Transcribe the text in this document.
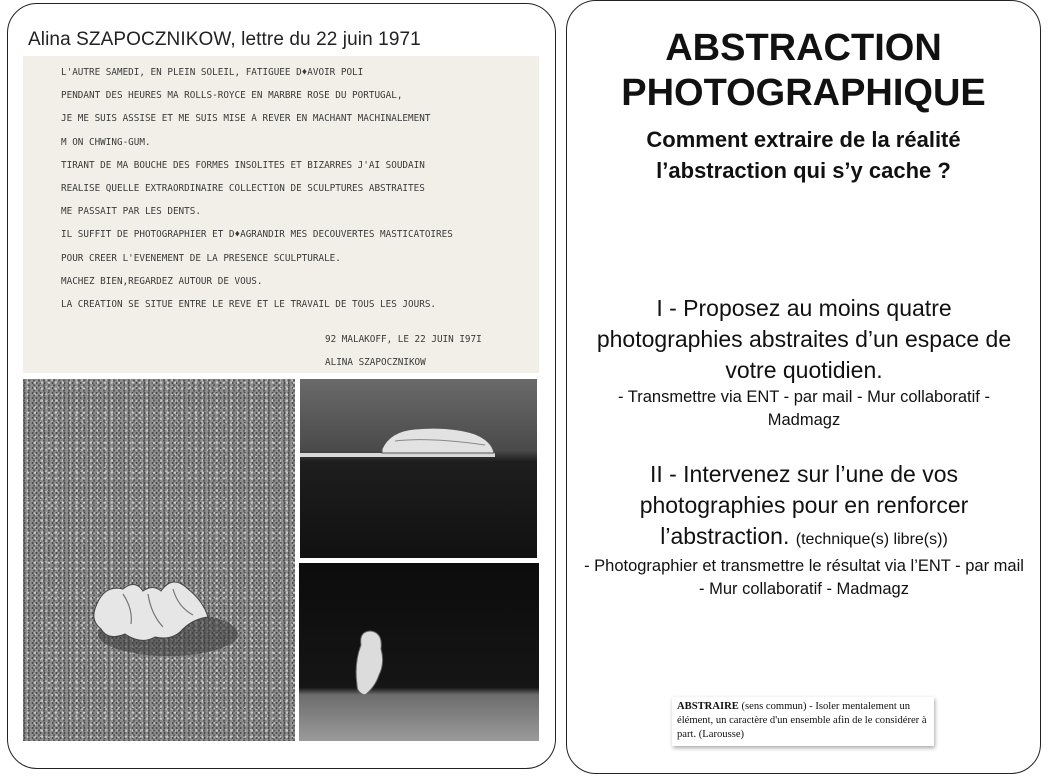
Alina SZAPOCZNIKOW, lettre du 22 juin 1971
L'AUTRE SAMEDI, EN PLEIN SOLEIL, FATIGUEE D♦AVOIR POLI
PENDANT DES HEURES MA ROLLS-ROYCE EN MARBRE ROSE DU PORTUGAL,
JE ME SUIS ASSISE ET ME SUIS MISE A REVER EN MACHANT MACHINALEMENT
M ON CHWING-GUM.
TIRANT DE MA BOUCHE DES FORMES INSOLITES ET BIZARRES J'AI SOUDAIN
REALISE QUELLE EXTRAORDINAIRE COLLECTION DE SCULPTURES ABSTRAITES
ME PASSAIT PAR LES DENTS.
IL SUFFIT DE PHOTOGRAPHIER ET D♦AGRANDIR MES DECOUVERTES MASTICATOIRES
POUR CREER L'EVENEMENT DE LA PRESENCE SCULPTURALE.
MACHEZ BIEN,REGARDEZ AUTOUR DE VOUS.
LA CREATION SE SITUE ENTRE LE REVE ET LE TRAVAIL DE TOUS LES JOURS.
92 MALAKOFF, LE 22 JUIN I97I
ALINA SZAPOCZNIKOW
ABSTRACTION
PHOTOGRAPHIQUE
Comment extraire de la réalité
l’abstraction qui s’y cache ?
I - Proposez au moins quatre photographies abstraites d’un espace de votre quotidien.
- Transmettre via ENT - par mail - Mur collaboratif - Madmagz
II - Intervenez sur l’une de vos photographies pour en renforcer l’abstraction. (technique(s) libre(s))
- Photographier et transmettre le résultat via l’ENT - par mail - Mur collaboratif - Madmagz
ABSTRAIRE (sens commun) - Isoler mentalement un élément, un caractère d'un ensemble afin de le considérer à part. (Larousse)
